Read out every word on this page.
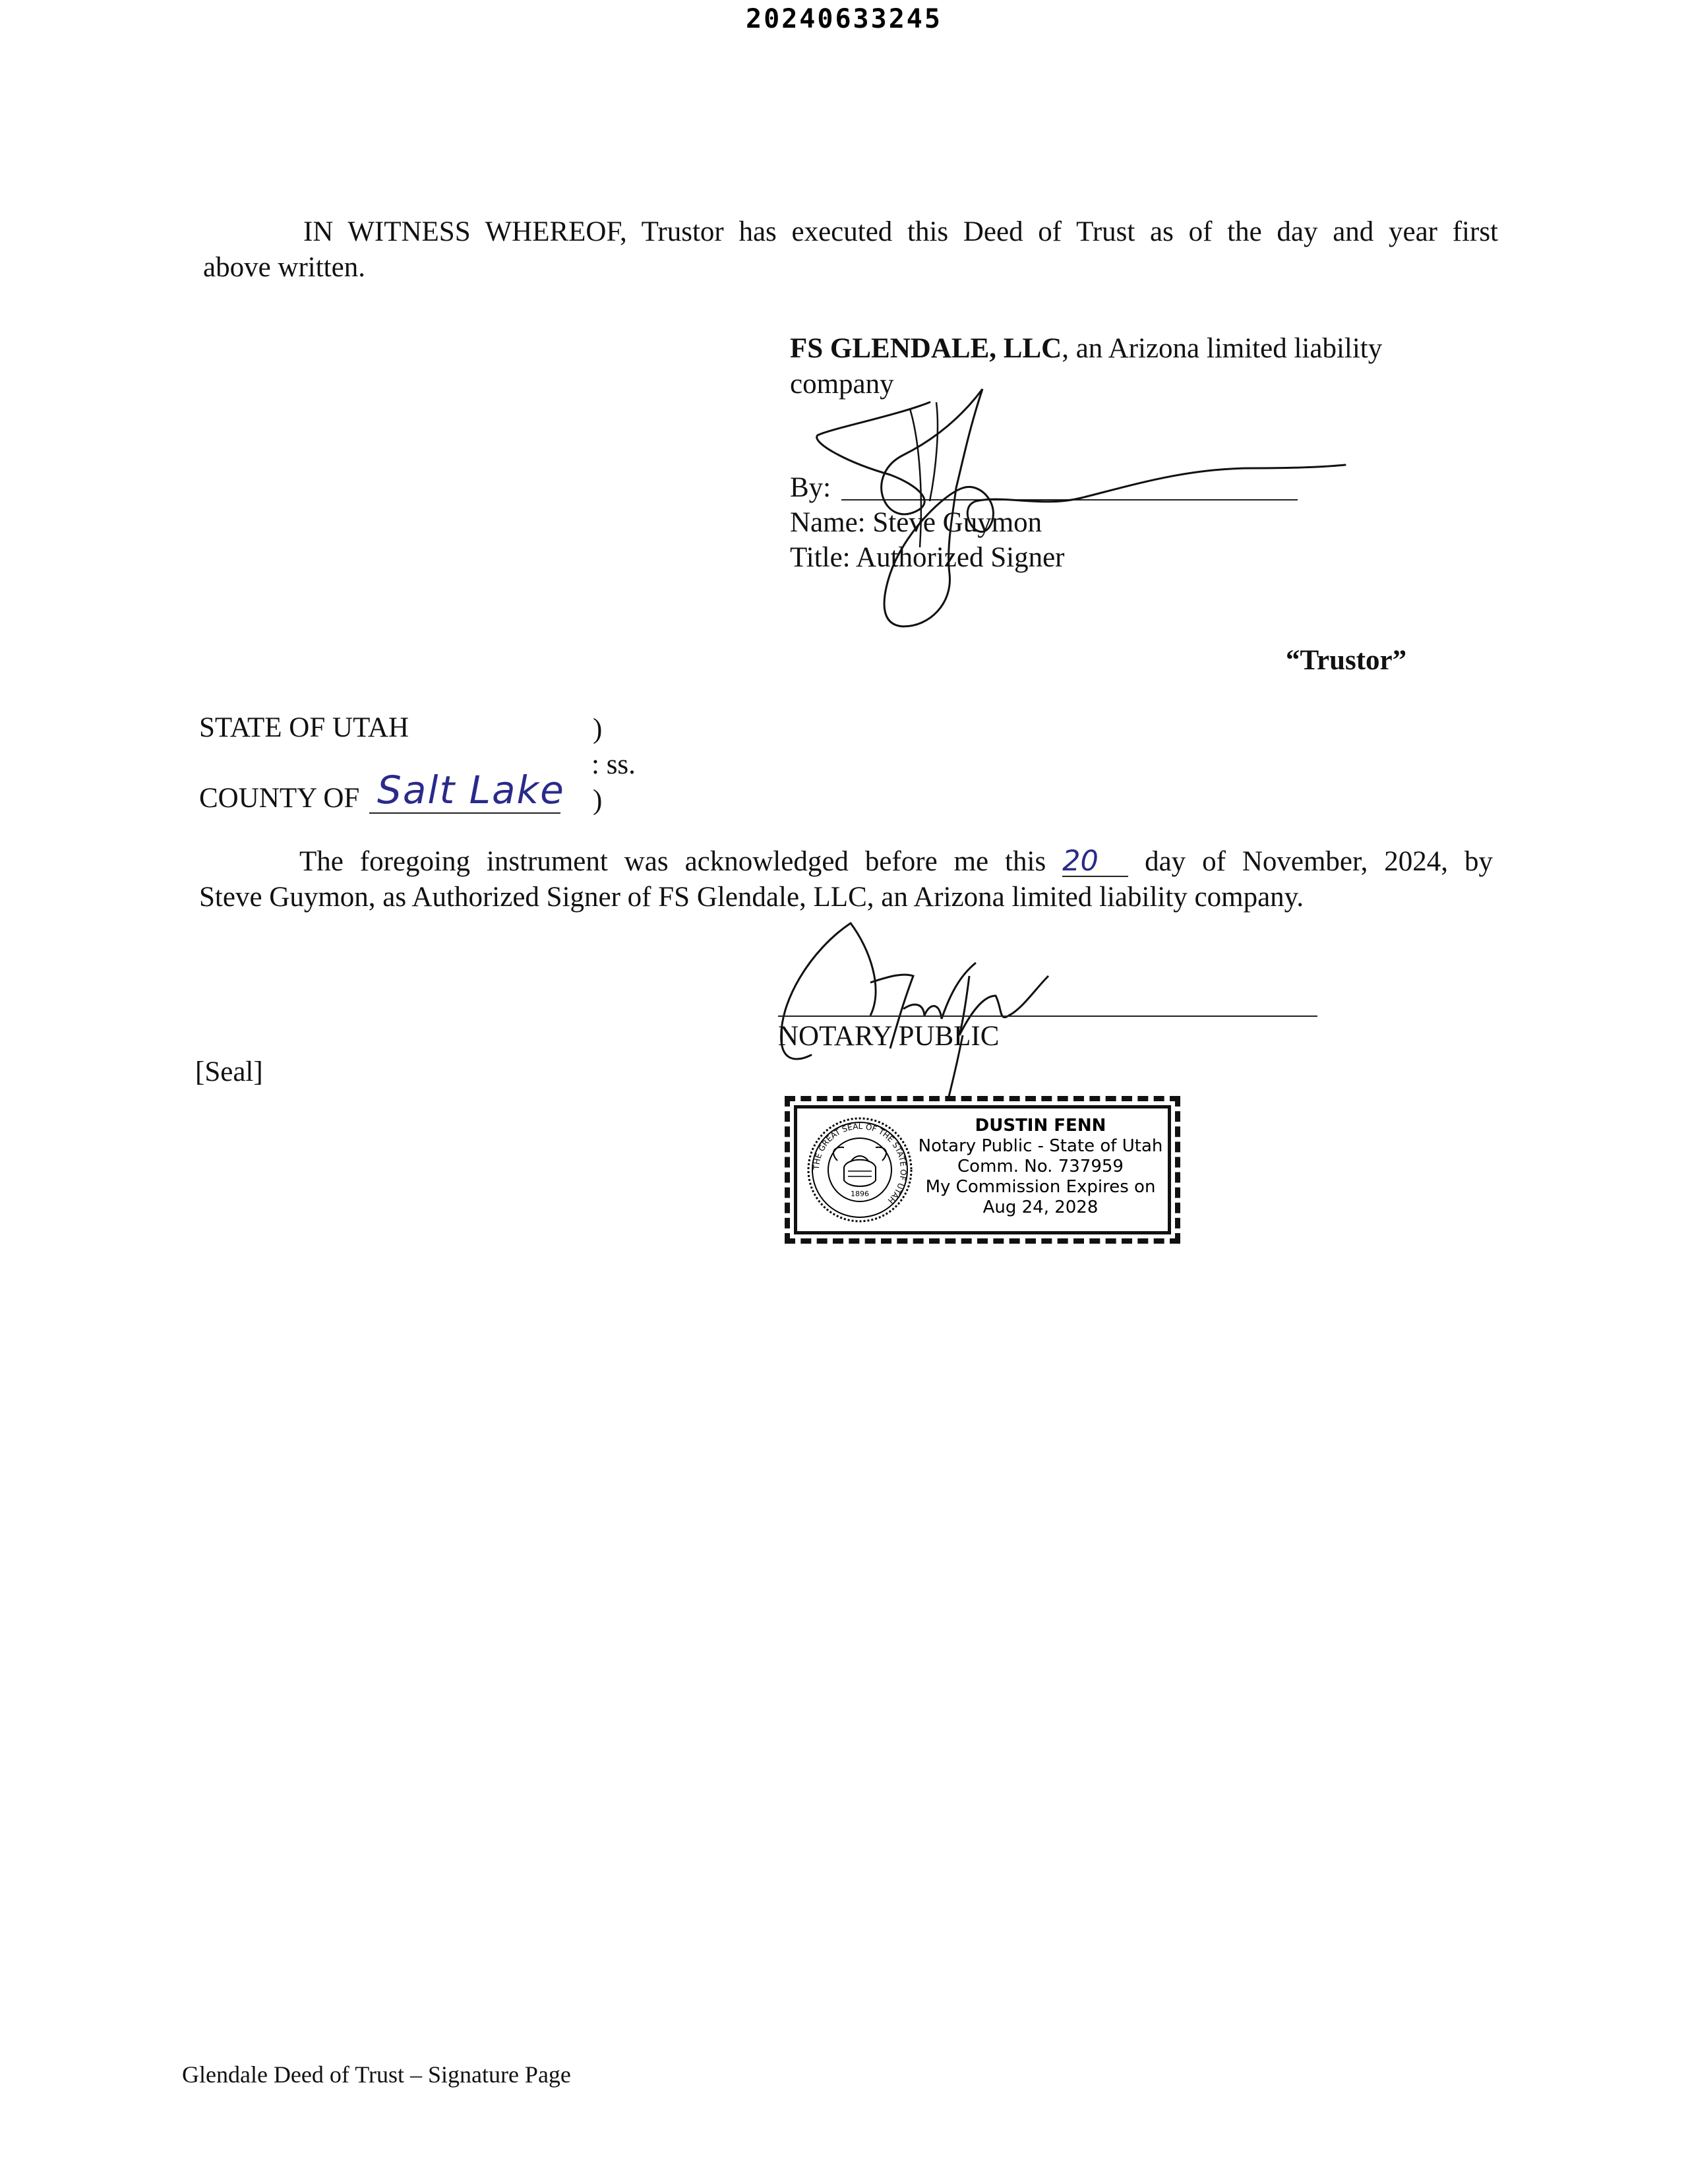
20240633245
IN WITNESS WHEREOF, Trustor has executed this Deed of Trust as of the day and year first
above written.
FS GLENDALE, LLC, an Arizona limited liability
company
By:
Name: Steve Guymon
Title: Authorized Signer
“Trustor”
STATE OF UTAH	)
: ss.
COUNTY OF Salt Lake )
The foregoing instrument was acknowledged before me this 20 day of November, 2024, by
Steve Guymon, as Authorized Signer of FS Glendale, LLC, an Arizona limited liability company.
NOTARY PUBLIC
[Seal]
THE GREAT SEAL OF THE STATE OF UTAH
1896
DUSTIN FENN
Notary Public - State of Utah
Comm. No. 737959
My Commission Expires on
Aug 24, 2028
Glendale Deed of Trust – Signature Page
